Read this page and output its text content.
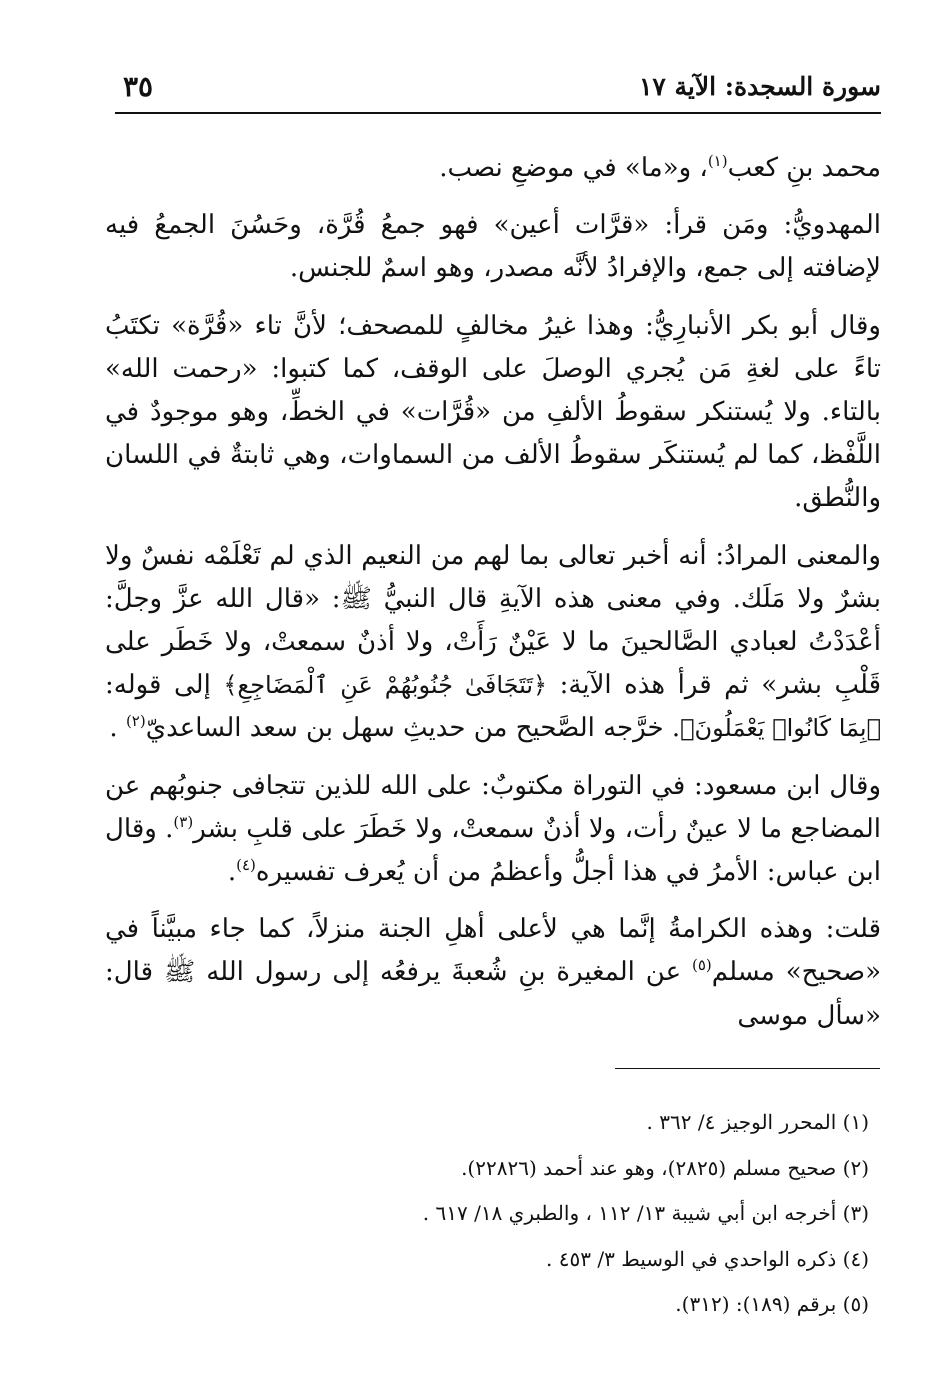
سورة السجدة: الآية ١٧
٣٥

محمد بنِ كعب$^{(١)}$، و«ما» في موضعِ نصب.

المهدويُّ: ومَن قرأ: «قرَّات أعين» فهو جمعُ قُرَّة، وحَسُنَ الجمعُ فيه لإضافته إلى جمع، والإفرادُ لأنَّه مصدر، وهو اسمٌ للجنس.

وقال أبو بكر الأنبارِيُّ: وهذا غيرُ مخالفٍ للمصحف؛ لأنَّ تاء «قُرَّة» تكتَبُ تاءً على لغةِ مَن يُجري الوصلَ على الوقف، كما كتبوا: «رحمت الله» بالتاء. ولا يُستنكر سقوطُ الألفِ من «قُرَّات» في الخطِّ، وهو موجودٌ في اللَّفْظ، كما لم يُستنكَر سقوطُ الألف من السماوات، وهي ثابتةٌ في اللسان والنُّطق.

والمعنى المرادُ: أنه أخبر تعالى بما لهم من النعيم الذي لم تَعْلَمْه نفسٌ ولا بشرٌ ولا مَلَك. وفي معنى هذه الآيةِ قال النبيُّ ﷺ: «قال الله عزَّ وجلَّ: أعْدَدْتُ لعبادي الصَّالحينَ ما لا عَيْنٌ رَأَتْ، ولا أذنٌ سمعتْ، ولا خَطَر على قَلْبِ بشر» ثم قرأ هذه الآية: ﴿تَتَجَافَىٰ جُنُوبُهُمْ عَنِ ٱلْمَضَاجِعِ﴾ إلى قوله: ﴿بِمَا كَانُوا۟ يَعْمَلُونَ﴾. خرَّجه الصَّحيح من حديثِ سهل بن سعد الساعديّ$^{(٢)}$ .

وقال ابن مسعود: في التوراة مكتوبٌ: على الله للذين تتجافى جنوبُهم عن المضاجع ما لا عينٌ رأت، ولا أذنٌ سمعتْ، ولا خَطَرَ على قلبِ بشر$^{(٣)}$. وقال ابن عباس: الأمرُ في هذا أجلُّ وأعظمُ من أن يُعرف تفسيره$^{(٤)}$.

قلت: وهذه الكرامةُ إنَّما هي لأعلى أهلِ الجنة منزلاً، كما جاء مبيَّناً في «صحيح» مسلم$^{(٥)}$ عن المغيرة بنِ شُعبةَ يرفعُه إلى رسول الله ﷺ قال: «سأل موسى

(١) المحرر الوجيز ٤/ ٣٦٢ .
(٢) صحيح مسلم (٢٨٢٥)، وهو عند أحمد (٢٢٨٢٦).
(٣) أخرجه ابن أبي شيبة ١٣/ ١١٢ ، والطبري ١٨/ ٦١٧ .
(٤) ذكره الواحدي في الوسيط ٣/ ٤٥٣ .
(٥) برقم (١٨٩): (٣١٢).
